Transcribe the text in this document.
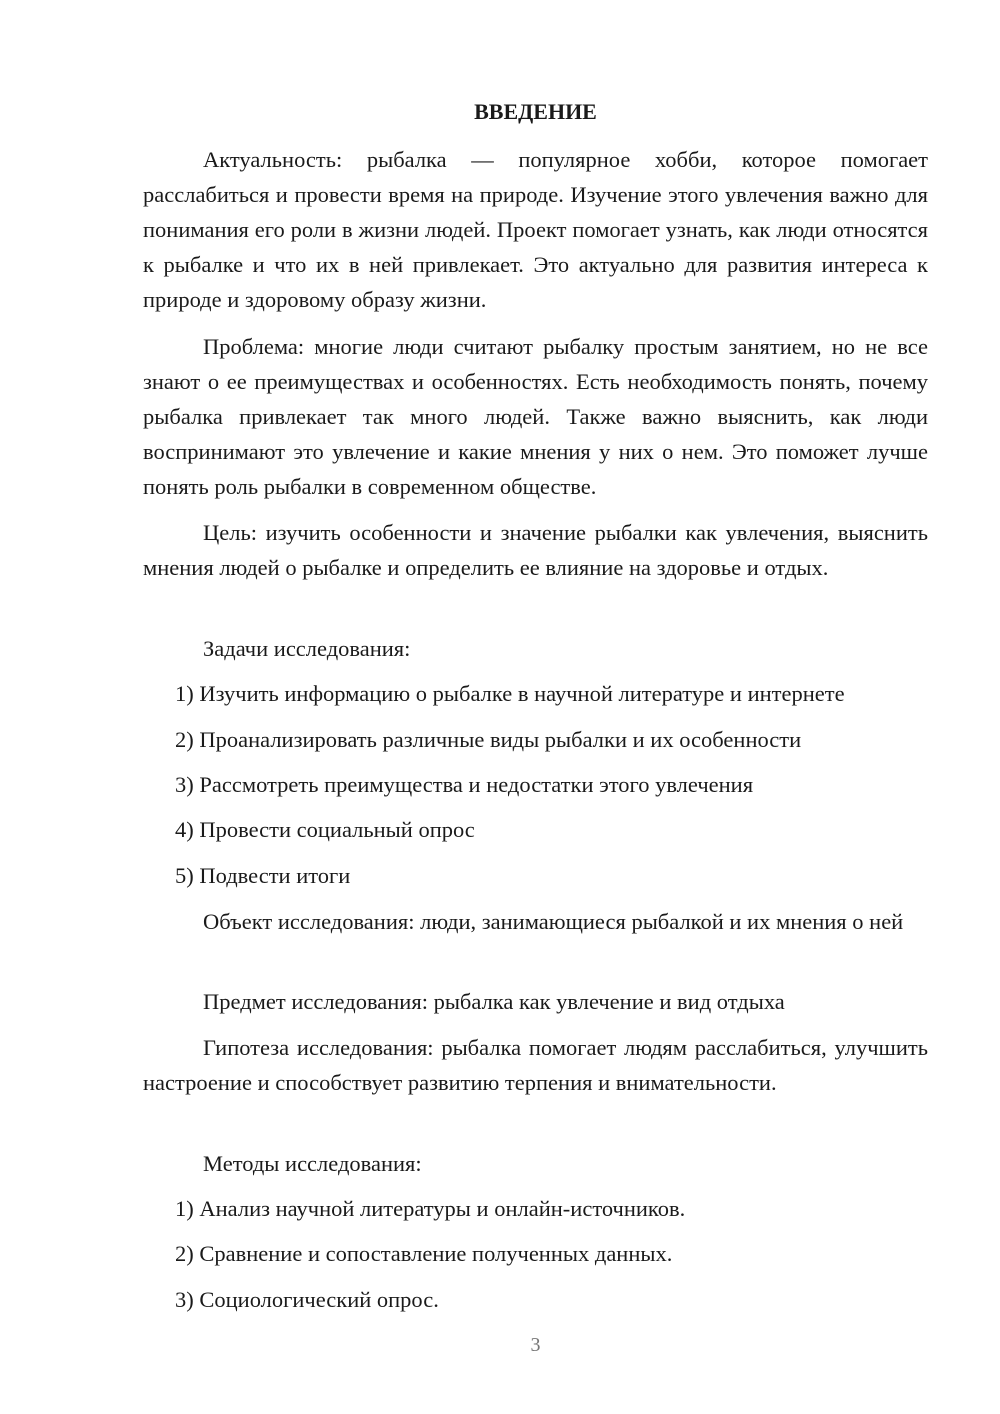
ВВЕДЕНИЕ

Актуальность: рыбалка — популярное хобби, которое помогает расслабиться и провести время на природе. Изучение этого увлечения важно для понимания его роли в жизни людей. Проект помогает узнать, как люди относятся к рыбалке и что их в ней привлекает. Это актуально для развития интереса к природе и здоровому образу жизни.

Проблема: многие люди считают рыбалку простым занятием, но не все знают о ее преимуществах и особенностях. Есть необходимость понять, почему рыбалка привлекает так много людей. Также важно выяснить, как люди воспринимают это увлечение и какие мнения у них о нем. Это поможет лучше понять роль рыбалки в современном обществе.

Цель: изучить особенности и значение рыбалки как увлечения, выяснить мнения людей о рыбалке и определить ее влияние на здоровье и отдых.

Задачи исследования:

1) Изучить информацию о рыбалке в научной литературе и интернете

2) Проанализировать различные виды рыбалки и их особенности

3) Рассмотреть преимущества и недостатки этого увлечения

4) Провести социальный опрос

5) Подвести итоги

Объект исследования: люди, занимающиеся рыбалкой и их мнения о ней

Предмет исследования: рыбалка как увлечение и вид отдыха

Гипотеза исследования: рыбалка помогает людям расслабиться, улучшить настроение и способствует развитию терпения и внимательности.

Методы исследования:

1) Анализ научной литературы и онлайн-источников.

2) Сравнение и сопоставление полученных данных.

3) Социологический опрос.

3
